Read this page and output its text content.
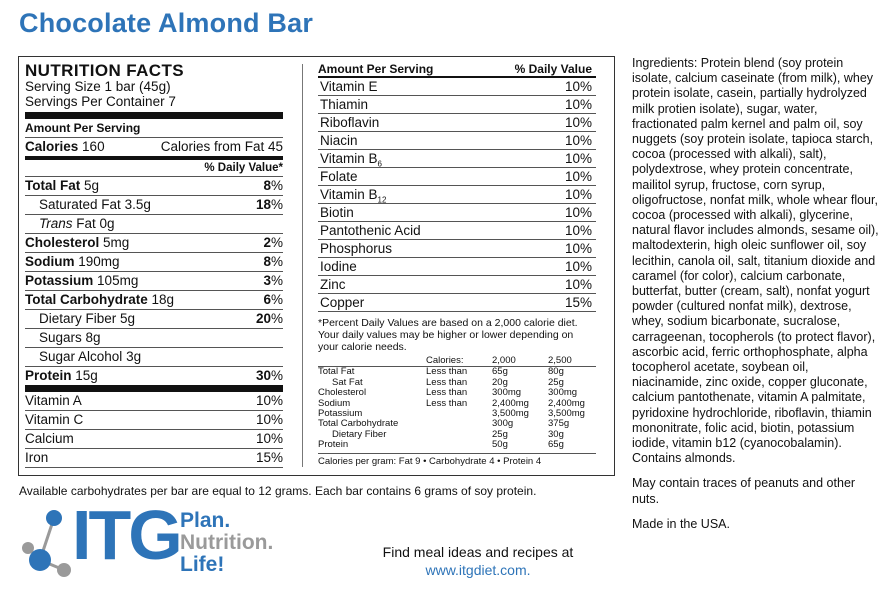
Chocolate Almond Bar
NUTRITION FACTS
Serving Size 1 bar (45g)
Servings Per Container 7
Amount Per Serving
Calories 160	Calories from Fat 45
% Daily Value*
Total Fat 5g	8%
Saturated Fat 3.5g	18%
Trans Fat 0g
Cholesterol 5mg	2%
Sodium 190mg	8%
Potassium 105mg	3%
Total Carbohydrate 18g	6%
Dietary Fiber 5g	20%
Sugars 8g
Sugar Alcohol 3g
Protein 15g	30%
Vitamin A	10%
Vitamin C	10%
Calcium	10%
Iron	15%
Amount Per Serving	% Daily Value
Vitamin E	10%
Thiamin	10%
Riboflavin	10%
Niacin	10%
Vitamin $B_6$	10%
Folate	10%
Vitamin $B_{12}$	10%
Biotin	10%
Pantothenic Acid	10%
Phosphorus	10%
Iodine	10%
Zinc	10%
Copper	15%
*Percent Daily Values are based on a 2,000 calorie diet. Your daily values may be higher or lower depending on your calorie needs.
	Calories:	2,000	2,500

Total Fat	Less than	65g	80g
Sat Fat	Less than	20g	25g
Cholesterol	Less than	300mg	300mg
Sodium	Less than	2,400mg	2,400mg
Potassium		3,500mg	3,500mg
Total Carbohydrate		300g	375g
Dietary Fiber		25g	30g
Protein		50g	65g
Calories per gram: Fat 9 • Carbohydrate 4 • Protein 4

Ingredients: Protein blend (soy protein isolate, calcium caseinate (from milk), whey protein isolate, casein, partially hydrolyzed milk protien isolate), sugar, water, fractionated palm kernel and palm oil, soy nuggets (soy protein isolate, tapioca starch, cocoa (processed with alkali), salt), polydextrose, whey protein concentrate, mailitol syrup, fructose, corn syrup, oligofructose, nonfat milk, whole whear flour, cocoa (processed with alkali), glycerine, natural flavor includes almonds, sesame oil), maltodexterin, high oleic sunflower oil, soy lecithin, canola oil, salt, titanium dioxide and caramel (for color), calcium carbonate, butterfat, butter (cream, salt), nonfat yogurt powder (cultured nonfat milk), dextrose, whey, sodium bicarbonate, sucralose, carrageenan, tocopherols (to protect flavor), ascorbic acid, ferric orthophosphate, alpha tocopherol acetate, soybean oil, niacinamide, zinc oxide, copper gluconate, calcium pantothenate, vitamin A palmitate, pyridoxine hydrochloride, riboflavin, thiamin mononitrate, folic acid, biotin, potassium iodide, vitamin b12 (cyanocobalamin). Contains almonds.

May contain traces of peanuts and other nuts.

Made in the USA.

Available carbohydrates per bar are equal to 12 grams. Each bar contains 6 grams of soy protein.
ITG Plan.
Nutrition.
Life!
Find meal ideas and recipes at
www.itgdiet.com.
